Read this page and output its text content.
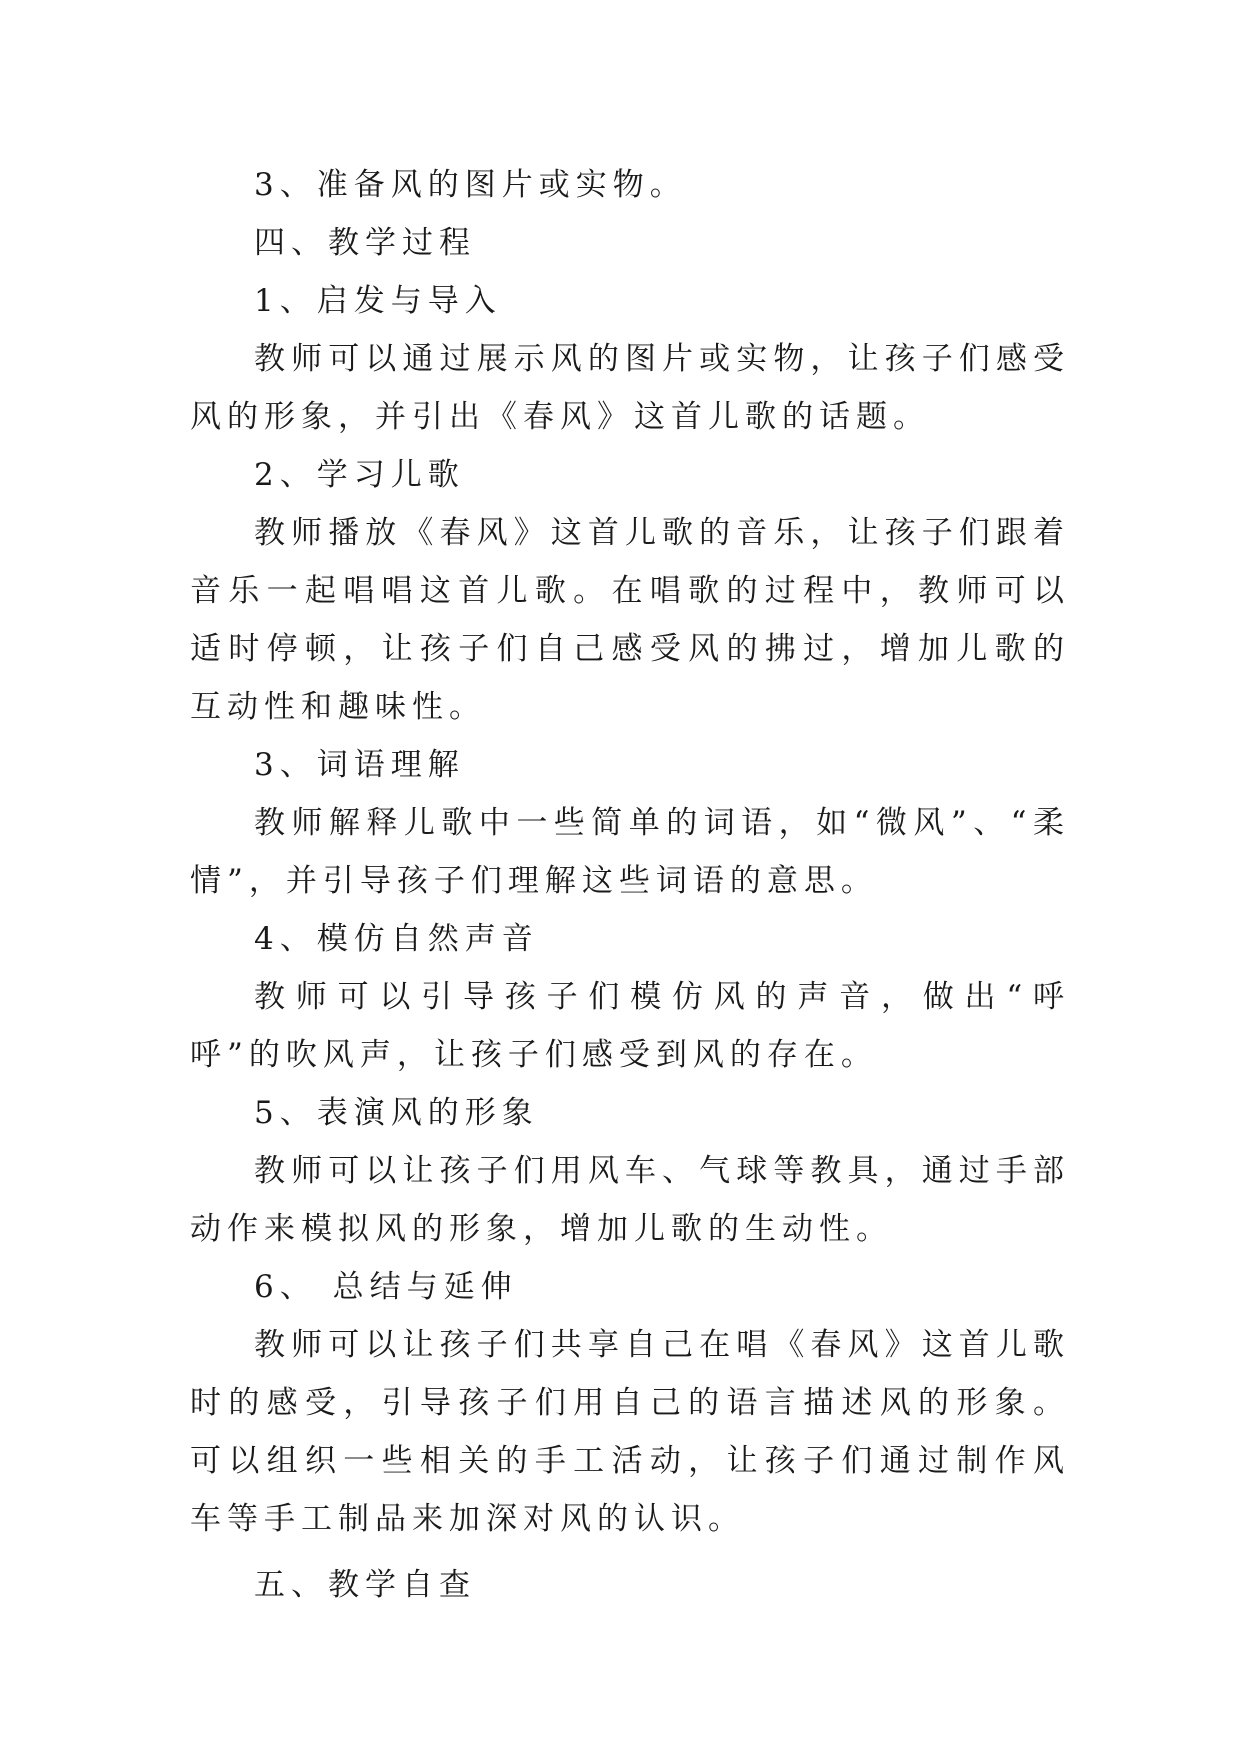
3、准备风的图片或实物。

四、教学过程

1、启发与导入

教师可以通过展示风的图片或实物，让孩子们感受风的形象，并引出《春风》这首儿歌的话题。

2、学习儿歌

教师播放《春风》这首儿歌的音乐，让孩子们跟着音乐一起唱唱这首儿歌。在唱歌的过程中，教师可以适时停顿，让孩子们自己感受风的拂过，增加儿歌的互动性和趣味性。

3、词语理解

教师解释儿歌中一些简单的词语，如“微风”、“柔情”，并引导孩子们理解这些词语的意思。

4、模仿自然声音

教师可以引导孩子们模仿风的声音，做出“呼呼”的吹风声，让孩子们感受到风的存在。

5、表演风的形象

教师可以让孩子们用风车、气球等教具，通过手部动作来模拟风的形象，增加儿歌的生动性。

6、 总结与延伸

教师可以让孩子们共享自己在唱《春风》这首儿歌时的感受，引导孩子们用自己的语言描述风的形象。可以组织一些相关的手工活动，让孩子们通过制作风车等手工制品来加深对风的认识。

五、教学自查
